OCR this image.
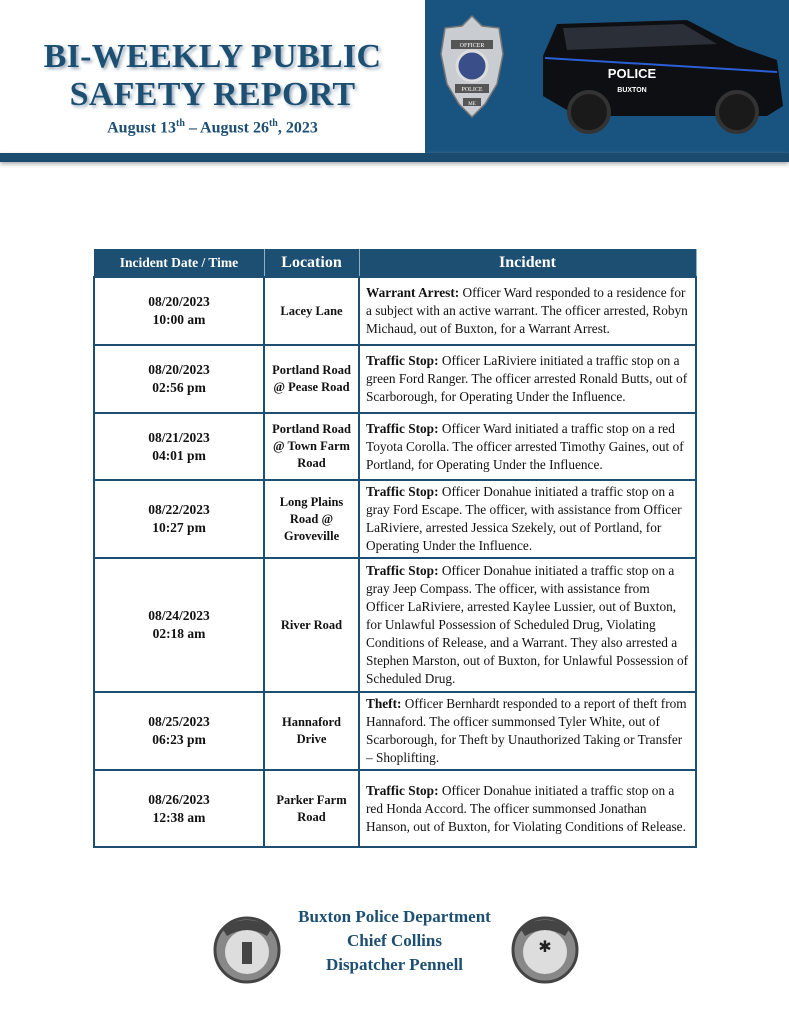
BI-WEEKLY PUBLIC
SAFETY REPORT
August 13th – August 26th, 2023
OFFICER
POLICE
ME
POLICE
BUXTON
Incident Date / Time	Location	Incident

08/20/2023
10:00 am	Lacey Lane	Warrant Arrest: Officer Ward responded to a residence for a subject with an active warrant. The officer arrested, Robyn Michaud, out of Buxton, for a Warrant Arrest.

08/20/2023
02:56 pm	Portland Road @ Pease Road	Traffic Stop: Officer LaRiviere initiated a traffic stop on a green Ford Ranger. The officer arrested Ronald Butts, out of Scarborough, for Operating Under the Influence.

08/21/2023
04:01 pm	Portland Road @ Town Farm Road	Traffic Stop: Officer Ward initiated a traffic stop on a red Toyota Corolla. The officer arrested Timothy Gaines, out of Portland, for Operating Under the Influence.

08/22/2023
10:27 pm	Long Plains Road @ Groveville	Traffic Stop: Officer Donahue initiated a traffic stop on a gray Ford Escape. The officer, with assistance from Officer LaRiviere, arrested Jessica Szekely, out of Portland, for Operating Under the Influence.

08/24/2023
02:18 am	River Road	Traffic Stop: Officer Donahue initiated a traffic stop on a gray Jeep Compass. The officer, with assistance from Officer LaRiviere, arrested Kaylee Lussier, out of Buxton, for Unlawful Possession of Scheduled Drug, Violating Conditions of Release, and a Warrant. They also arrested a Stephen Marston, out of Buxton, for Unlawful Possession of Scheduled Drug.

08/25/2023
06:23 pm	Hannaford Drive	Theft: Officer Bernhardt responded to a report of theft from Hannaford. The officer summonsed Tyler White, out of Scarborough, for Theft by Unauthorized Taking or Transfer – Shoplifting.

08/26/2023
12:38 am	Parker Farm Road	Traffic Stop: Officer Donahue initiated a traffic stop on a red Honda Accord. The officer summonsed Jonathan Hanson, out of Buxton, for Violating Conditions of Release.
✱
Buxton Police Department
Chief Collins
Dispatcher Pennell
